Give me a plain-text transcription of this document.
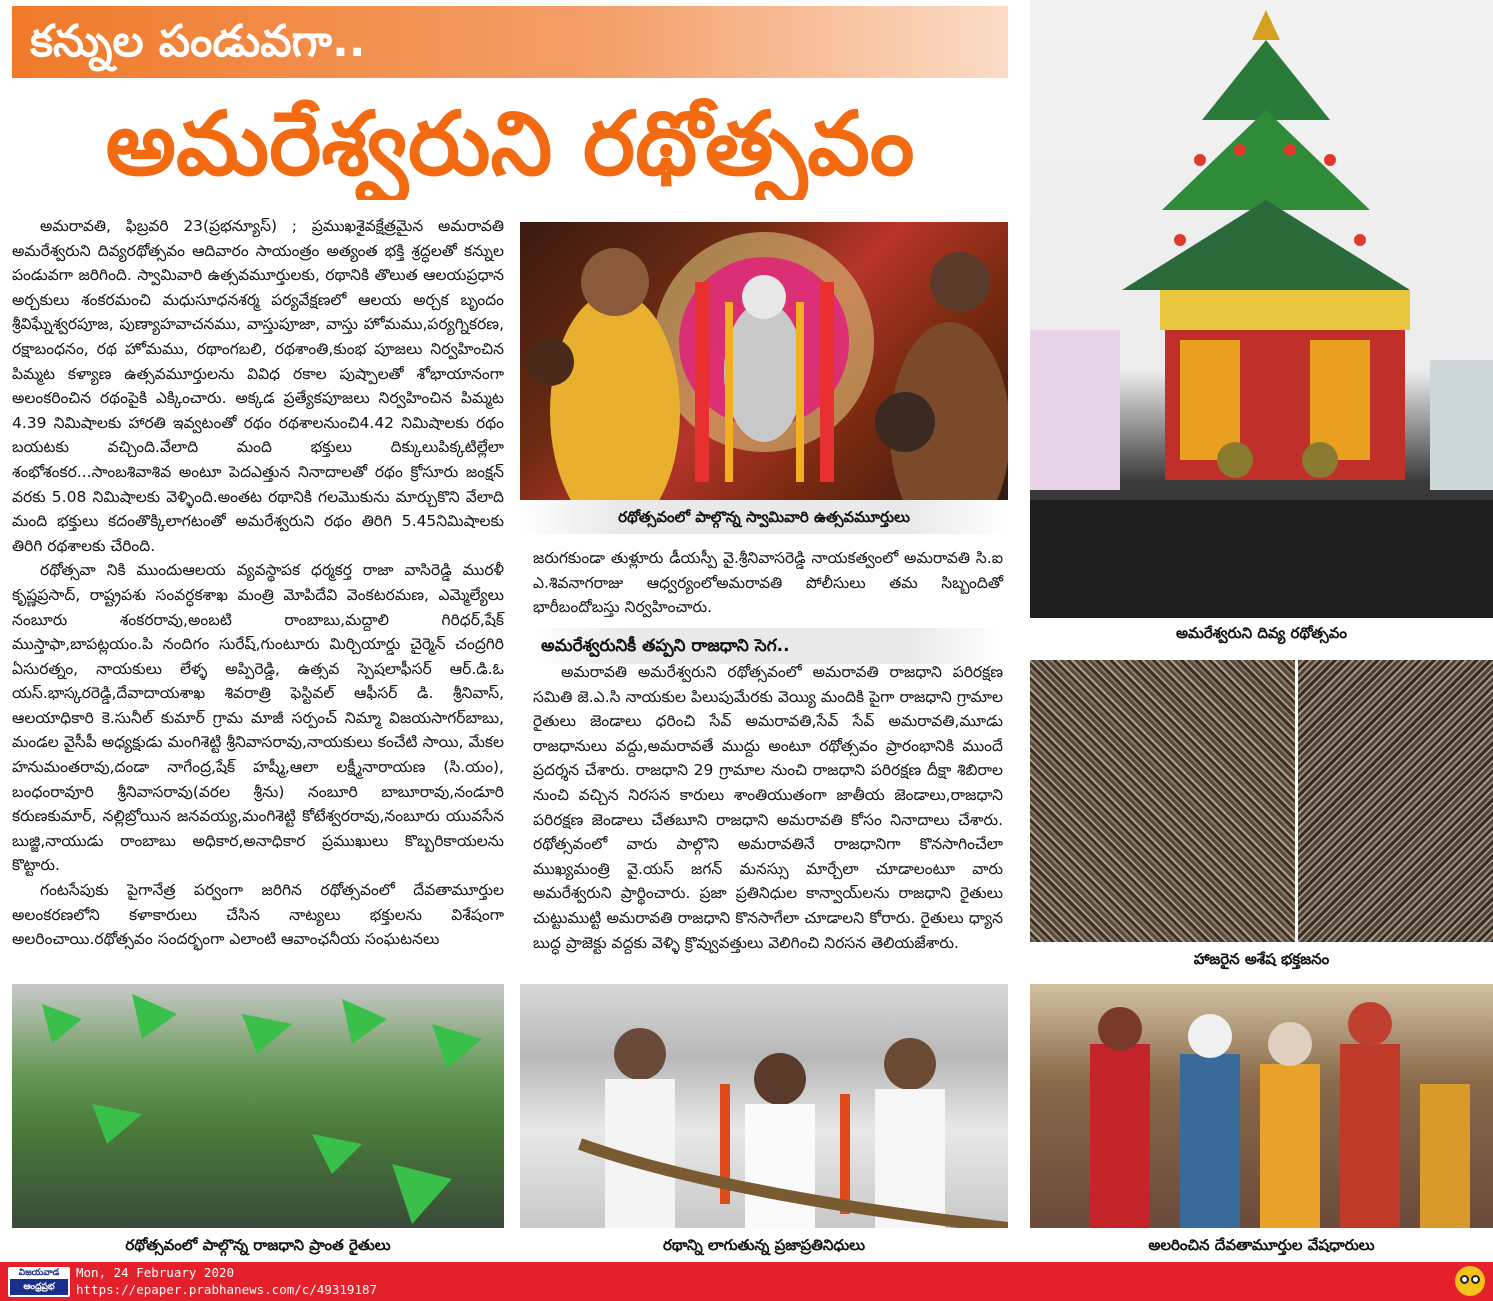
కన్నుల పండువగా..
అమరేశ్వరుని రథోత్సవం

అమరావతి, ఫిబ్రవరి 23(ప్రభన్యూస్) ; ప్రముఖశైవక్షేత్రమైన అమరావతి అమరేశ్వరుని దివ్యరథోత్సవం ఆదివారం సాయంత్రం అత్యంత భక్తి శ్రద్ధలతో కన్నుల పండువగా జరిగింది. స్వామివారి ఉత్సవమూర్తులకు, రథానికి తొలుత ఆలయప్రధాన అర్చకులు శంకరమంచి మధుసూధనశర్మ పర్యవేక్షణలో ఆలయ అర్చక బృందం శ్రీవిఘ్నేశ్వరపూజ, పుణ్యాహవాచనము, వాస్తుపూజా, వాస్తు హోమము,పర్యగ్నికరణ, రక్షాబంధనం, రథ హోమము, రథాంగబలి, రథశాంతి,కుంభ పూజలు నిర్వహించిన పిమ్మట కళ్యాణ ఉత్సవమూర్తులను వివిధ రకాల పుష్పాలతో శోభాయానంగా అలంకరించిన రథంపైకి ఎక్కించారు. అక్కడ ప్రత్యేకపూజలు నిర్వహించిన పిమ్మట 4.39 నిమిషాలకు హారతి ఇవ్వటంతో రథం రథశాలనుంచి4.42 నిమిషాలకు రథం బయటకు వచ్చింది.వేలాది మంది భక్తులు దిక్కులుపిక్కటిల్లేలా శంభోశంకర...సాంబశివాశివ అంటూ పెదఎత్తున నినాదాలతో రథం క్రోసూరు జంక్షన్ వరకు 5.08 నిమిషాలకు వెళ్ళింది.అంతట రథానికి గలమొకును మార్చుకొని వేలాది మంది భక్తులు కదంతొక్కిలాగటంతో అమరేశ్వరుని రథం తిరిగి 5.45నిమిషాలకు తిరిగి రథశాలకు చేరింది.

రథోత్సవా నికి ముందుఆలయ వ్యవస్థాపక ధర్మకర్త రాజా వాసిరెడ్డి మురళీ కృష్ణప్రసాద్, రాష్ట్రపశు సంవర్ధకశాఖ మంత్రి మోపిదేవి వెంకటరమణ, ఎమ్మెల్యేలు నంబూరు శంకరరావు,అంబటి రాంబాబు,మద్దాలి గిరిధర్,షేక్ ముస్తాఫా,బాపట్లయం.పి నందిగం సురేష్,గుంటూరు మిర్చియార్డు చైర్మెన్ చంద్రగిరి ఏసురత్నం, నాయకులు లేళ్ళ అప్పిరెడ్డి, ఉత్సవ స్పెషలాఫీసర్ ఆర్.డి.ఓ యస్.భాస్కరరెడ్డి,దేవాదాయశాఖ శివరాత్రి ఫెస్టివల్ ఆఫీసర్ డి. శ్రీనివాస్, ఆలయాధికారి కె.సునీల్ కుమార్ గ్రామ మాజీ సర్పంచ్ నిమ్మా విజయసాగర్‌బాబు, మండల వైసీపీ అధ్యక్షుడు మంగిశెట్టి శ్రీనివాసరావు,నాయకులు కంచేటి సాయి, మేకల హనుమంతరావు,దండా నాగేంద్ర,షేక్ హష్మీ,ఆలా లక్ష్మీనారాయణ (సి.యం), బంధంరావూరి శ్రీనివాసరావు(వరల శ్రీను) నంబూరి బాబూరావు,నండూరి కరుణకుమార్, నల్లిబ్రోయిన జనవయ్య,మంగిశెట్టి కోటేశ్వరరావు,నంబూరు యువసేన బుజ్జి,నాయుడు రాంబాబు అధికార,అనాధికార ప్రముఖులు కొబ్బరికాయలను కొట్టారు.

గంటసేపుకు పైగానేత్ర పర్వంగా జరిగిన రథోత్సవంలో దేవతామూర్తుల అలంకరణలోని కళాకారులు చేసిన నాట్యలు భక్తులను విశేషంగా అలరించాయి.రథోత్సవం సందర్భంగా ఎలాంటి ఆవాంఛనీయ సంఘటనలు

రథోత్సవంలో పాల్గొన్న స్వామివారి ఉత్సవమూర్తులు

జరుగకుండా తుళ్లూరు డీయస్పీ వై.శ్రీనివాసరెడ్డి నాయకత్వంలో అమరావతి సి.ఐ ఎ.శివనాగరాజు ఆధ్వర్యంలోఅమరావతి పోలీసులు తమ సిబ్బందితో భారీబందోబస్తు నిర్వహించారు.

అమరేశ్వరునికీ తప్పని రాజధాని సెగ..

అమరావతి అమరేశ్వరుని రథోత్సవంలో అమరావతి రాజధాని పరిరక్షణ సమితి జె.ఎ.సి నాయకుల పిలుపుమేరకు వెయ్యి మందికి పైగా రాజధాని గ్రామాల రైతులు జెండాలు ధరించి సేవ్ అమరావతి,సేవ్ సేవ్ అమరావతి,మూడు రాజధానులు వద్దు,అమరావతే ముద్దు అంటూ రథోత్సవం ప్రారంభానికి ముందే ప్రదర్శన చేశారు. రాజధాని 29 గ్రామాల నుంచి రాజధాని పరిరక్షణ దీక్షా శిబిరాల నుంచి వచ్చిన నిరసన కారులు శాంతియుతంగా జాతీయ జెండాలు,రాజధాని పరిరక్షణ జెండాలు చేతబూని రాజధాని అమరావతి కోసం నినాదాలు చేశారు. రథోత్సవంలో వారు పాల్గొని అమరావతినే రాజధానిగా కొనసాగించేలా ముఖ్యమంత్రి వై.యస్ జగన్ మనస్సు మార్చేలా చూడాలంటూ వారు అమరేశ్వరుని ప్రార్థించారు. ప్రజా ప్రతినిధుల కాన్వాయ్‌లను రాజధాని రైతులు చుట్టుముట్టి అమరావతి రాజధాని కొనసాగేలా చూడాలని కోరారు. రైతులు ధ్యాన బుద్ధ ప్రాజెక్టు వద్దకు వెళ్ళి క్రొవ్వువత్తులు వెలిగించి నిరసన తెలియజేశారు.

అమరేశ్వరుని దివ్య రథోత్సవం
హాజరైన అశేష భక్తజనం
రథోత్సవంలో పాల్గొన్న రాజధాని ప్రాంత రైతులు	రథాన్ని లాగుతున్న ప్రజాప్రతినిధులు	అలరించిన దేవతామూర్తుల వేషధారులు
విజయవాడ
ఆంధ్రప్రభ
Mon, 24 February 2020
https://epaper.prabhanews.com/c/49319187
